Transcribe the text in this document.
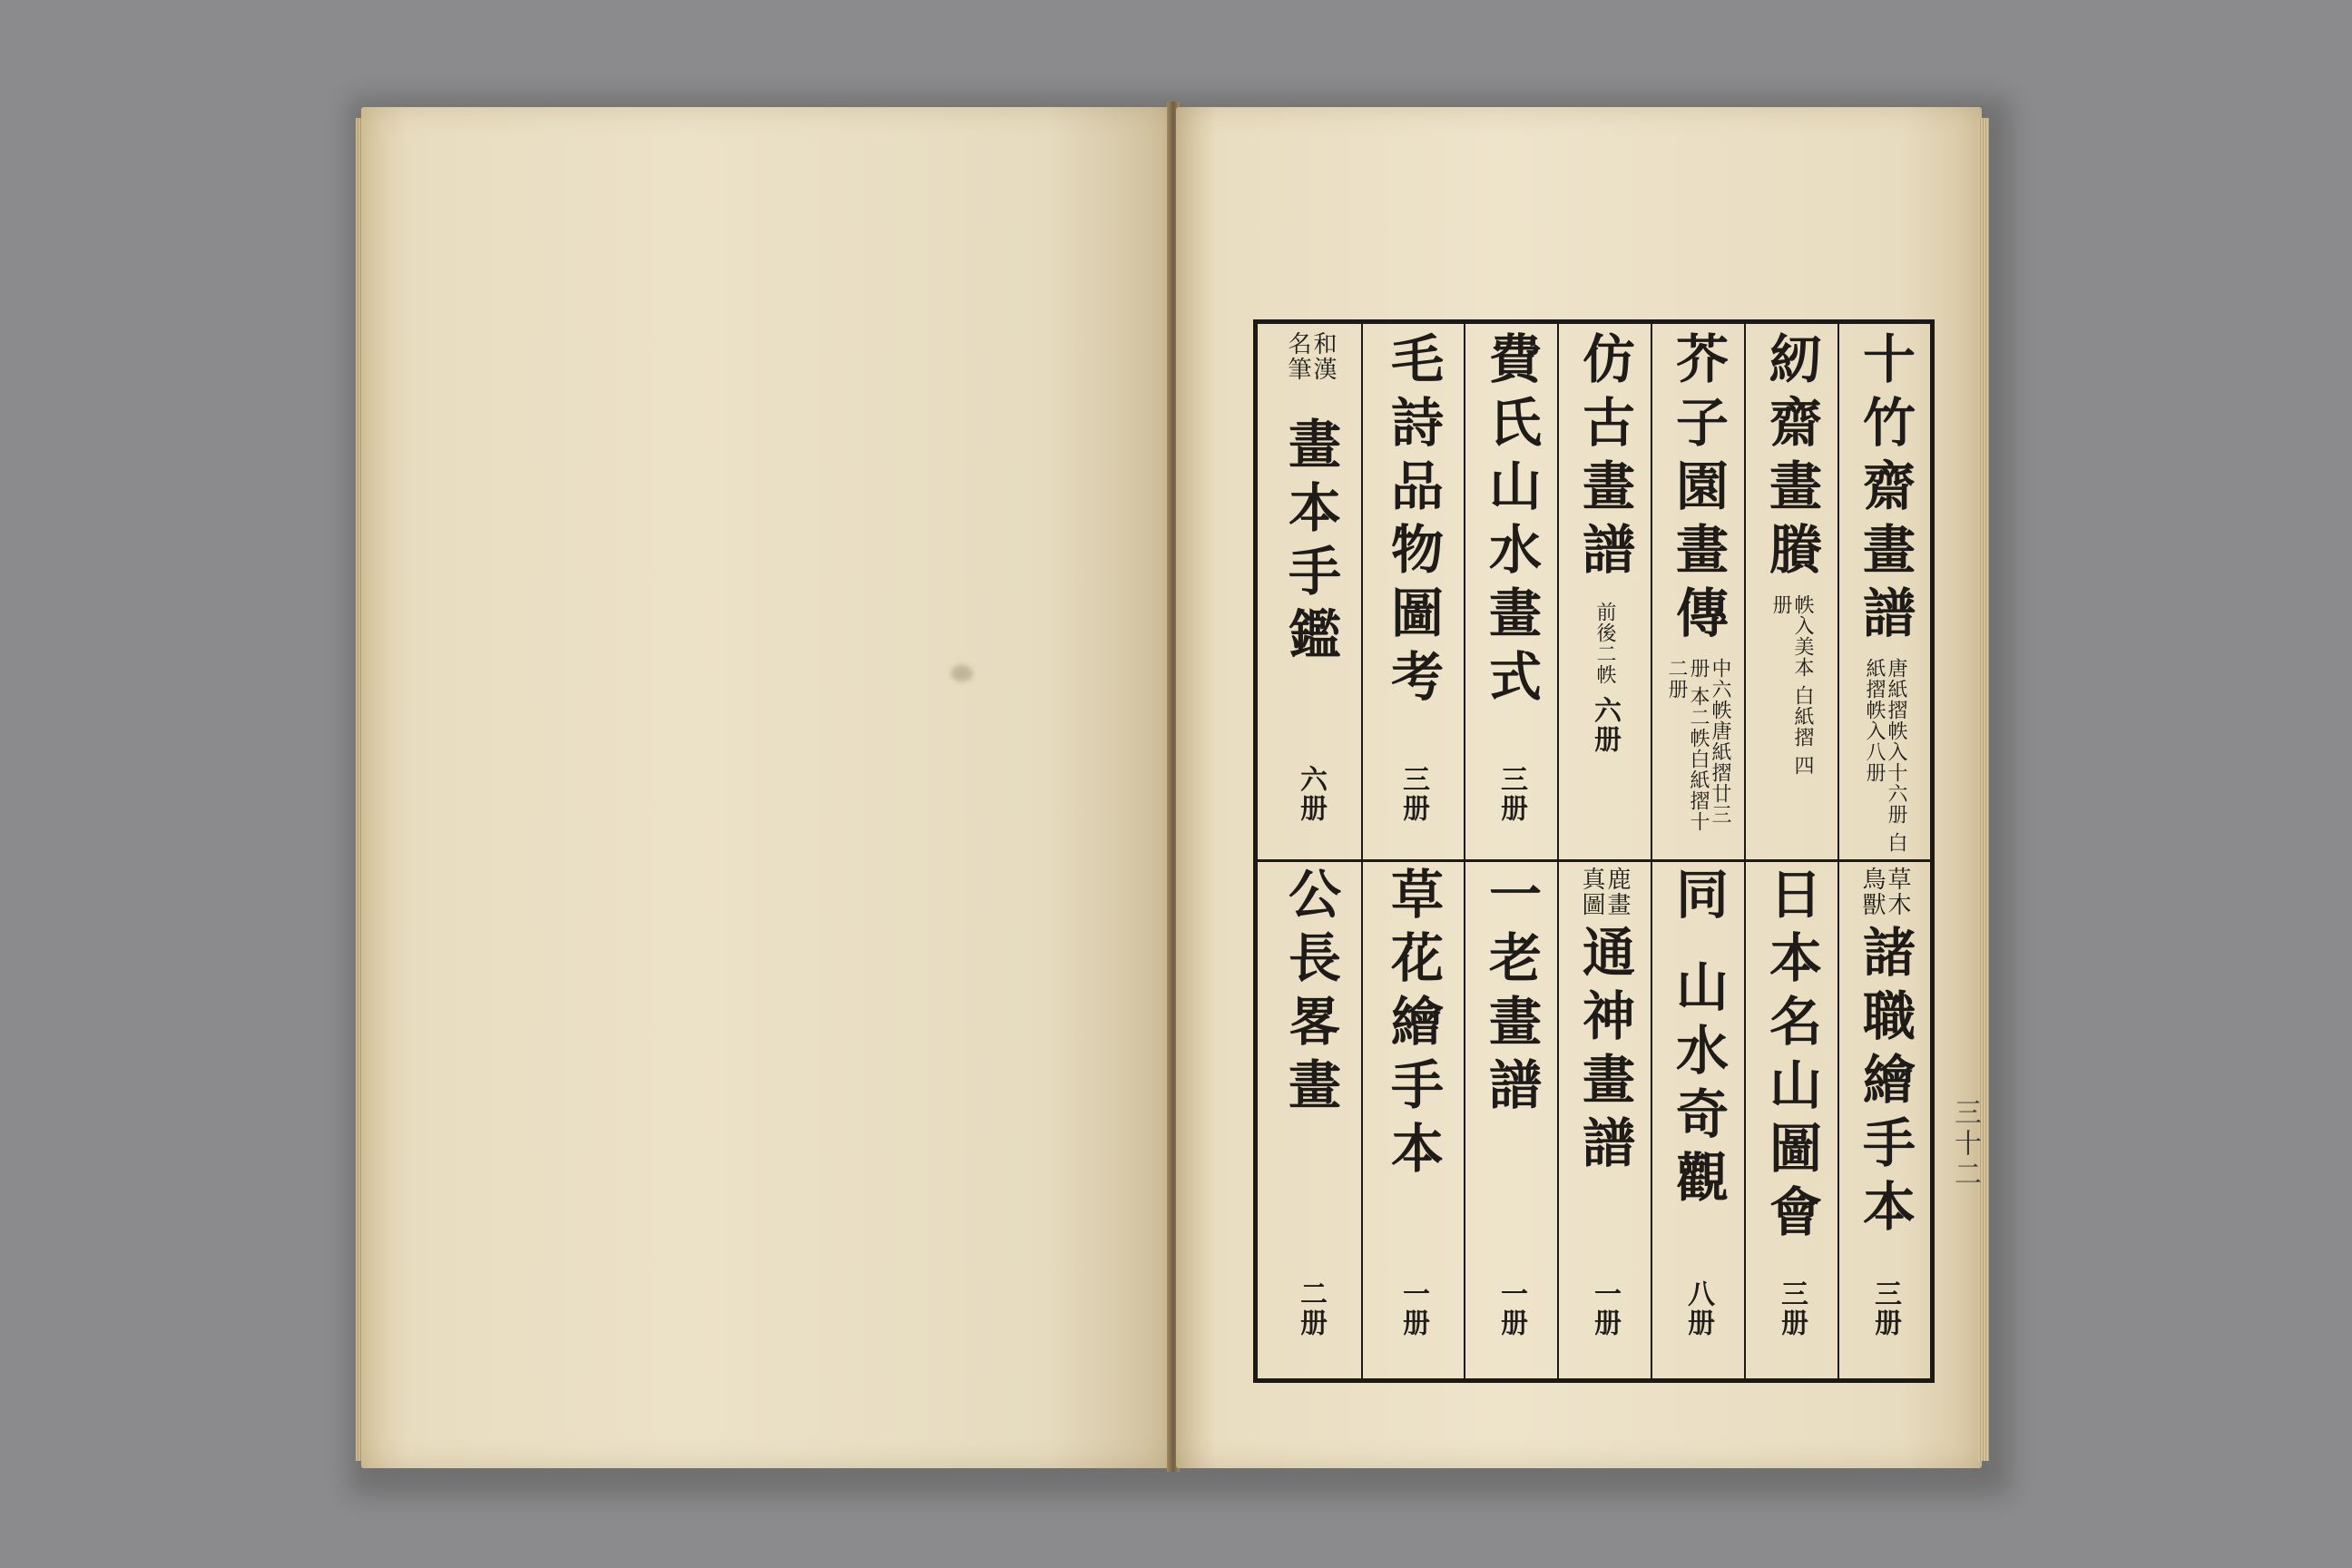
十竹齋畫譜
唐紙摺帙入十六册 白紙摺帙入八册
紉齋畫賸
帙入美本 白紙摺 四册
芥子園畫傳
中六帙唐紙摺廿三册 本二帙白紙摺十二册
仿古畫譜
前後二帙
六册
費氏山水畫式
三册
毛詩品物圖考
三册
和漢 名筆
畫本手鑑
六册
草木 鳥獸
諸職繪手本
三册
日本名山圖會
三册
同 山水奇觀
八册
鹿畫 真圖
通神畫譜
一册
一老畫譜
一册
草花繪手本
一册
公長畧畫
二册
三十二
